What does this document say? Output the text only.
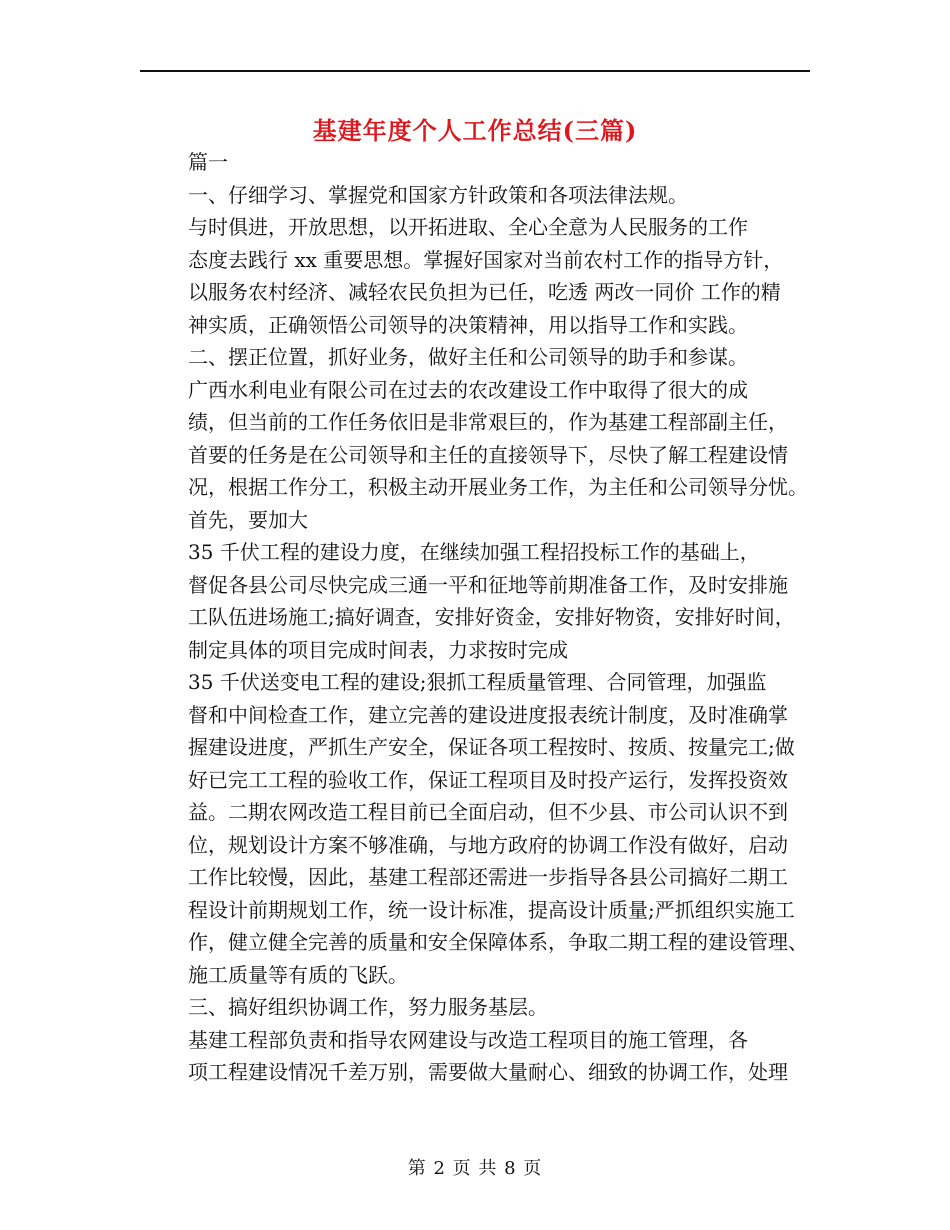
基建年度个人工作总结(三篇)
篇一
一、仔细学习、掌握党和国家方针政策和各项法律法规。
与时俱进，开放思想，以开拓进取、全心全意为人民服务的工作
态度去践行 xx 重要思想。掌握好国家对当前农村工作的指导方针，
以服务农村经济、减轻农民负担为已任，吃透 两改一同价 工作的精
神实质，正确领悟公司领导的决策精神，用以指导工作和实践。
二、摆正位置，抓好业务，做好主任和公司领导的助手和参谋。
广西水利电业有限公司在过去的农改建设工作中取得了很大的成
绩，但当前的工作任务依旧是非常艰巨的，作为基建工程部副主任，
首要的任务是在公司领导和主任的直接领导下，尽快了解工程建设情
况，根据工作分工，积极主动开展业务工作，为主任和公司领导分忧。
首先，要加大
35 千伏工程的建设力度，在继续加强工程招投标工作的基础上，
督促各县公司尽快完成三通一平和征地等前期准备工作，及时安排施
工队伍进场施工;搞好调查，安排好资金，安排好物资，安排好时间，
制定具体的项目完成时间表，力求按时完成
35 千伏送变电工程的建设;狠抓工程质量管理、合同管理，加强监
督和中间检查工作，建立完善的建设进度报表统计制度，及时准确掌
握建设进度，严抓生产安全，保证各项工程按时、按质、按量完工;做
好已完工工程的验收工作，保证工程项目及时投产运行，发挥投资效
益。二期农网改造工程目前已全面启动，但不少县、市公司认识不到
位，规划设计方案不够准确，与地方政府的协调工作没有做好，启动
工作比较慢，因此，基建工程部还需进一步指导各县公司搞好二期工
程设计前期规划工作，统一设计标准，提高设计质量;严抓组织实施工
作，健立健全完善的质量和安全保障体系，争取二期工程的建设管理、
施工质量等有质的飞跃。
三、搞好组织协调工作，努力服务基层。
基建工程部负责和指导农网建设与改造工程项目的施工管理，各
项工程建设情况千差万别，需要做大量耐心、细致的协调工作，处理
第 2 页 共 8 页
